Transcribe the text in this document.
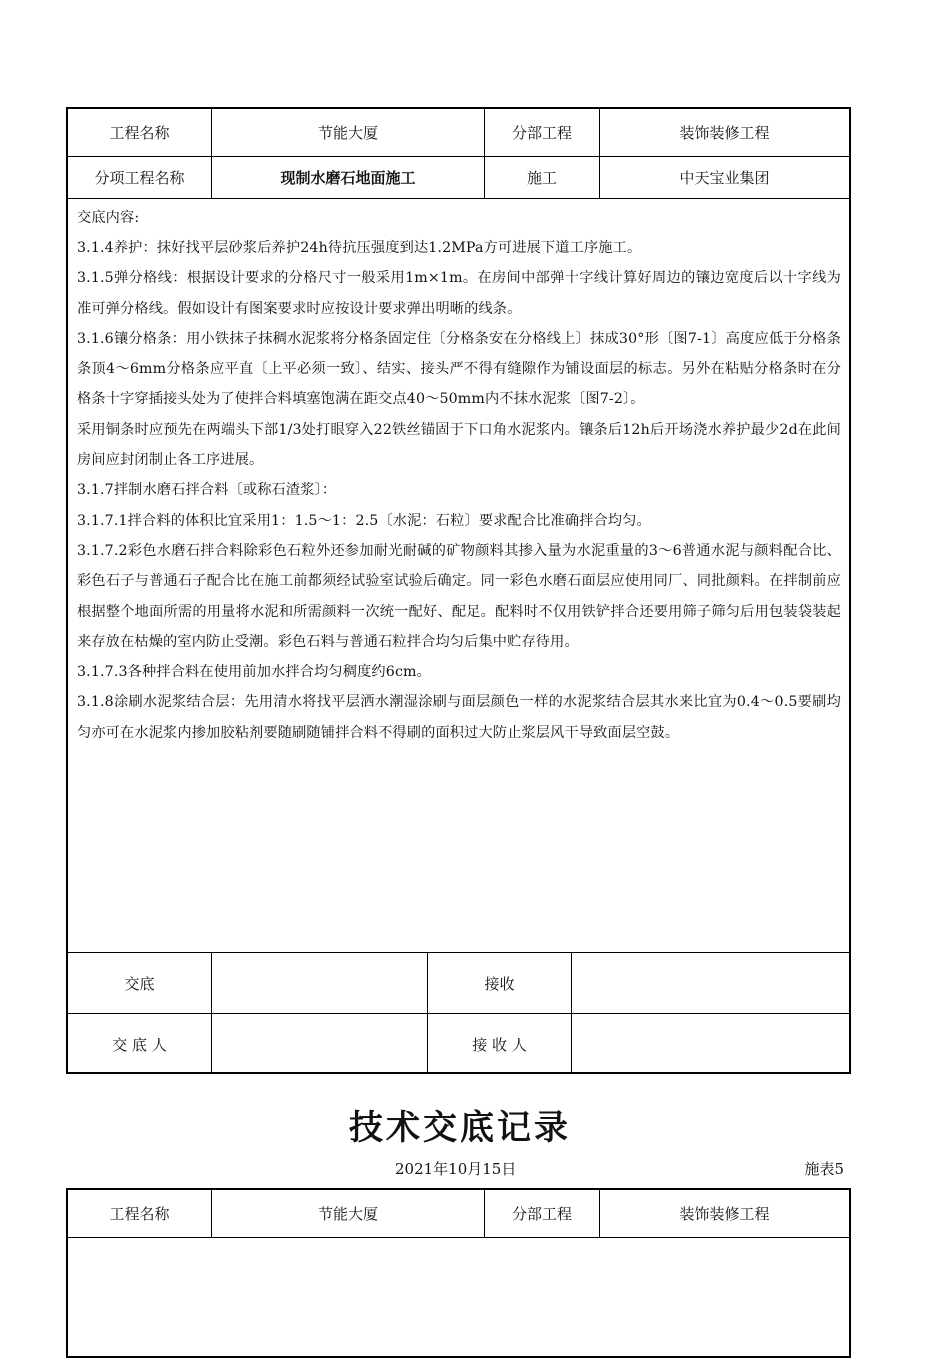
工程名称	节能大厦	分部工程	装饰装修工程
分项工程名称	现制水磨石地面施工	施工	中天宝业集团

交底内容:

3.1.4养护：抹好找平层砂浆后养护24h待抗压强度到达1.2MPa方可进展下道工序施工。

3.1.5弹分格线：根据设计要求的分格尺寸一般采用1m×1m。在房间中部弹十字线计算好周边的镶边宽度后以十字线为准可弹分格线。假如设计有图案要求时应按设计要求弹出明晰的线条。

3.1.6镶分格条：用小铁抹子抹稠水泥浆将分格条固定住〔分格条安在分格线上〕抹成30°形〔图7-1〕高度应低于分格条条顶4～6mm分格条应平直〔上平必须一致〕、结实、接头严不得有缝隙作为铺设面层的标志。另外在粘贴分格条时在分格条十字穿插接头处为了使拌合料填塞饱满在距交点40～50mm内不抹水泥浆〔图7-2〕。

采用铜条时应预先在两端头下部1/3处打眼穿入22铁丝锚固于下口角水泥浆内。镶条后12h后开场浇水养护最少2d在此间房间应封闭制止各工序进展。

3.1.7拌制水磨石拌合料〔或称石渣浆〕：

3.1.7.1拌合料的体积比宜采用1：1.5～1：2.5〔水泥：石粒〕要求配合比准确拌合均匀。

3.1.7.2彩色水磨石拌合料除彩色石粒外还参加耐光耐碱的矿物颜料其掺入量为水泥重量的3～6普通水泥与颜料配合比、彩色石子与普通石子配合比在施工前都须经试验室试验后确定。同一彩色水磨石面层应使用同厂、同批颜料。在拌制前应根据整个地面所需的用量将水泥和所需颜料一次统一配好、配足。配料时不仅用铁铲拌合还要用筛子筛匀后用包装袋装起来存放在枯燥的室内防止受潮。彩色石料与普通石粒拌合均匀后集中贮存待用。

3.1.7.3各种拌合料在使用前加水拌合均匀稠度约6cm。

3.1.8涂刷水泥浆结合层：先用清水将找平层洒水潮湿涂刷与面层颜色一样的水泥浆结合层其水来比宜为0.4～0.5要刷均匀亦可在水泥浆内掺加胶粘剂要随刷随铺拌合料不得刷的面积过大防止浆层风干导致面层空鼓。

交底	接收
交 底 人	接 收 人
技术交底记录
2021年10月15日	施表5
工程名称	节能大厦	分部工程	装饰装修工程
